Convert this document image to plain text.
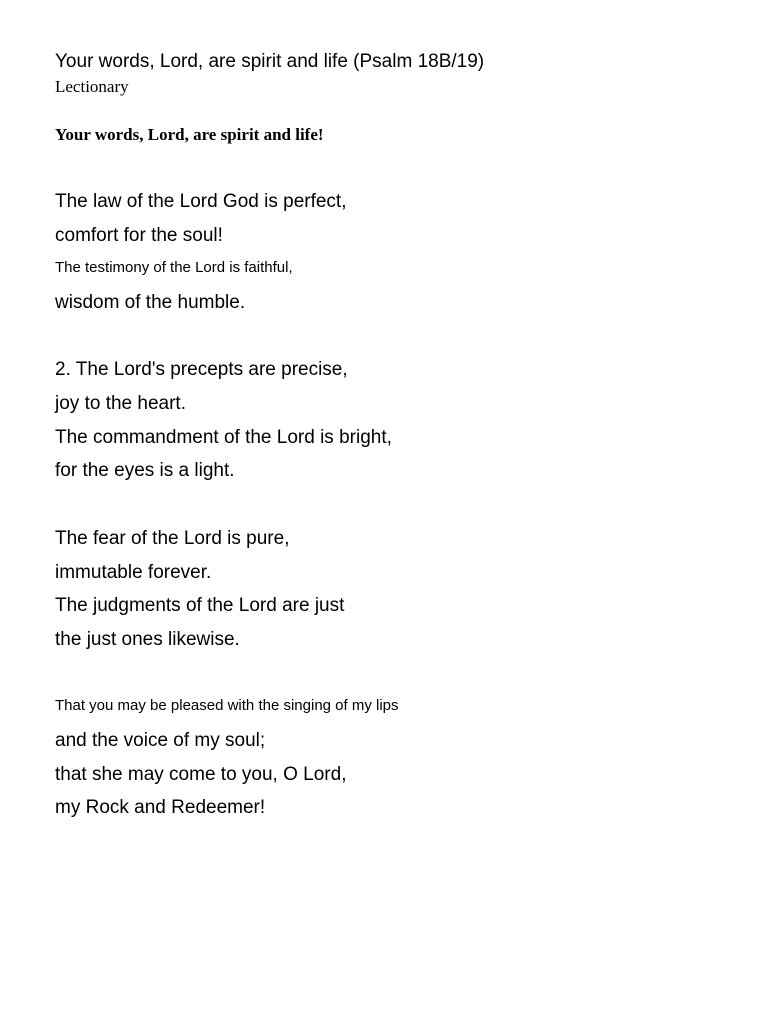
Your words, Lord, are spirit and life (Psalm 18B/19)
Lectionary
Your words, Lord, are spirit and life!
The law of the Lord God is perfect,
comfort for the soul!
The testimony of the Lord is faithful,
wisdom of the humble.
2. The Lord's precepts are precise,
joy to the heart.
The commandment of the Lord is bright,
for the eyes is a light.
The fear of the Lord is pure,
immutable forever.
The judgments of the Lord are just
the just ones likewise.
That you may be pleased with the singing of my lips
and the voice of my soul;
that she may come to you, O Lord,
my Rock and Redeemer!
